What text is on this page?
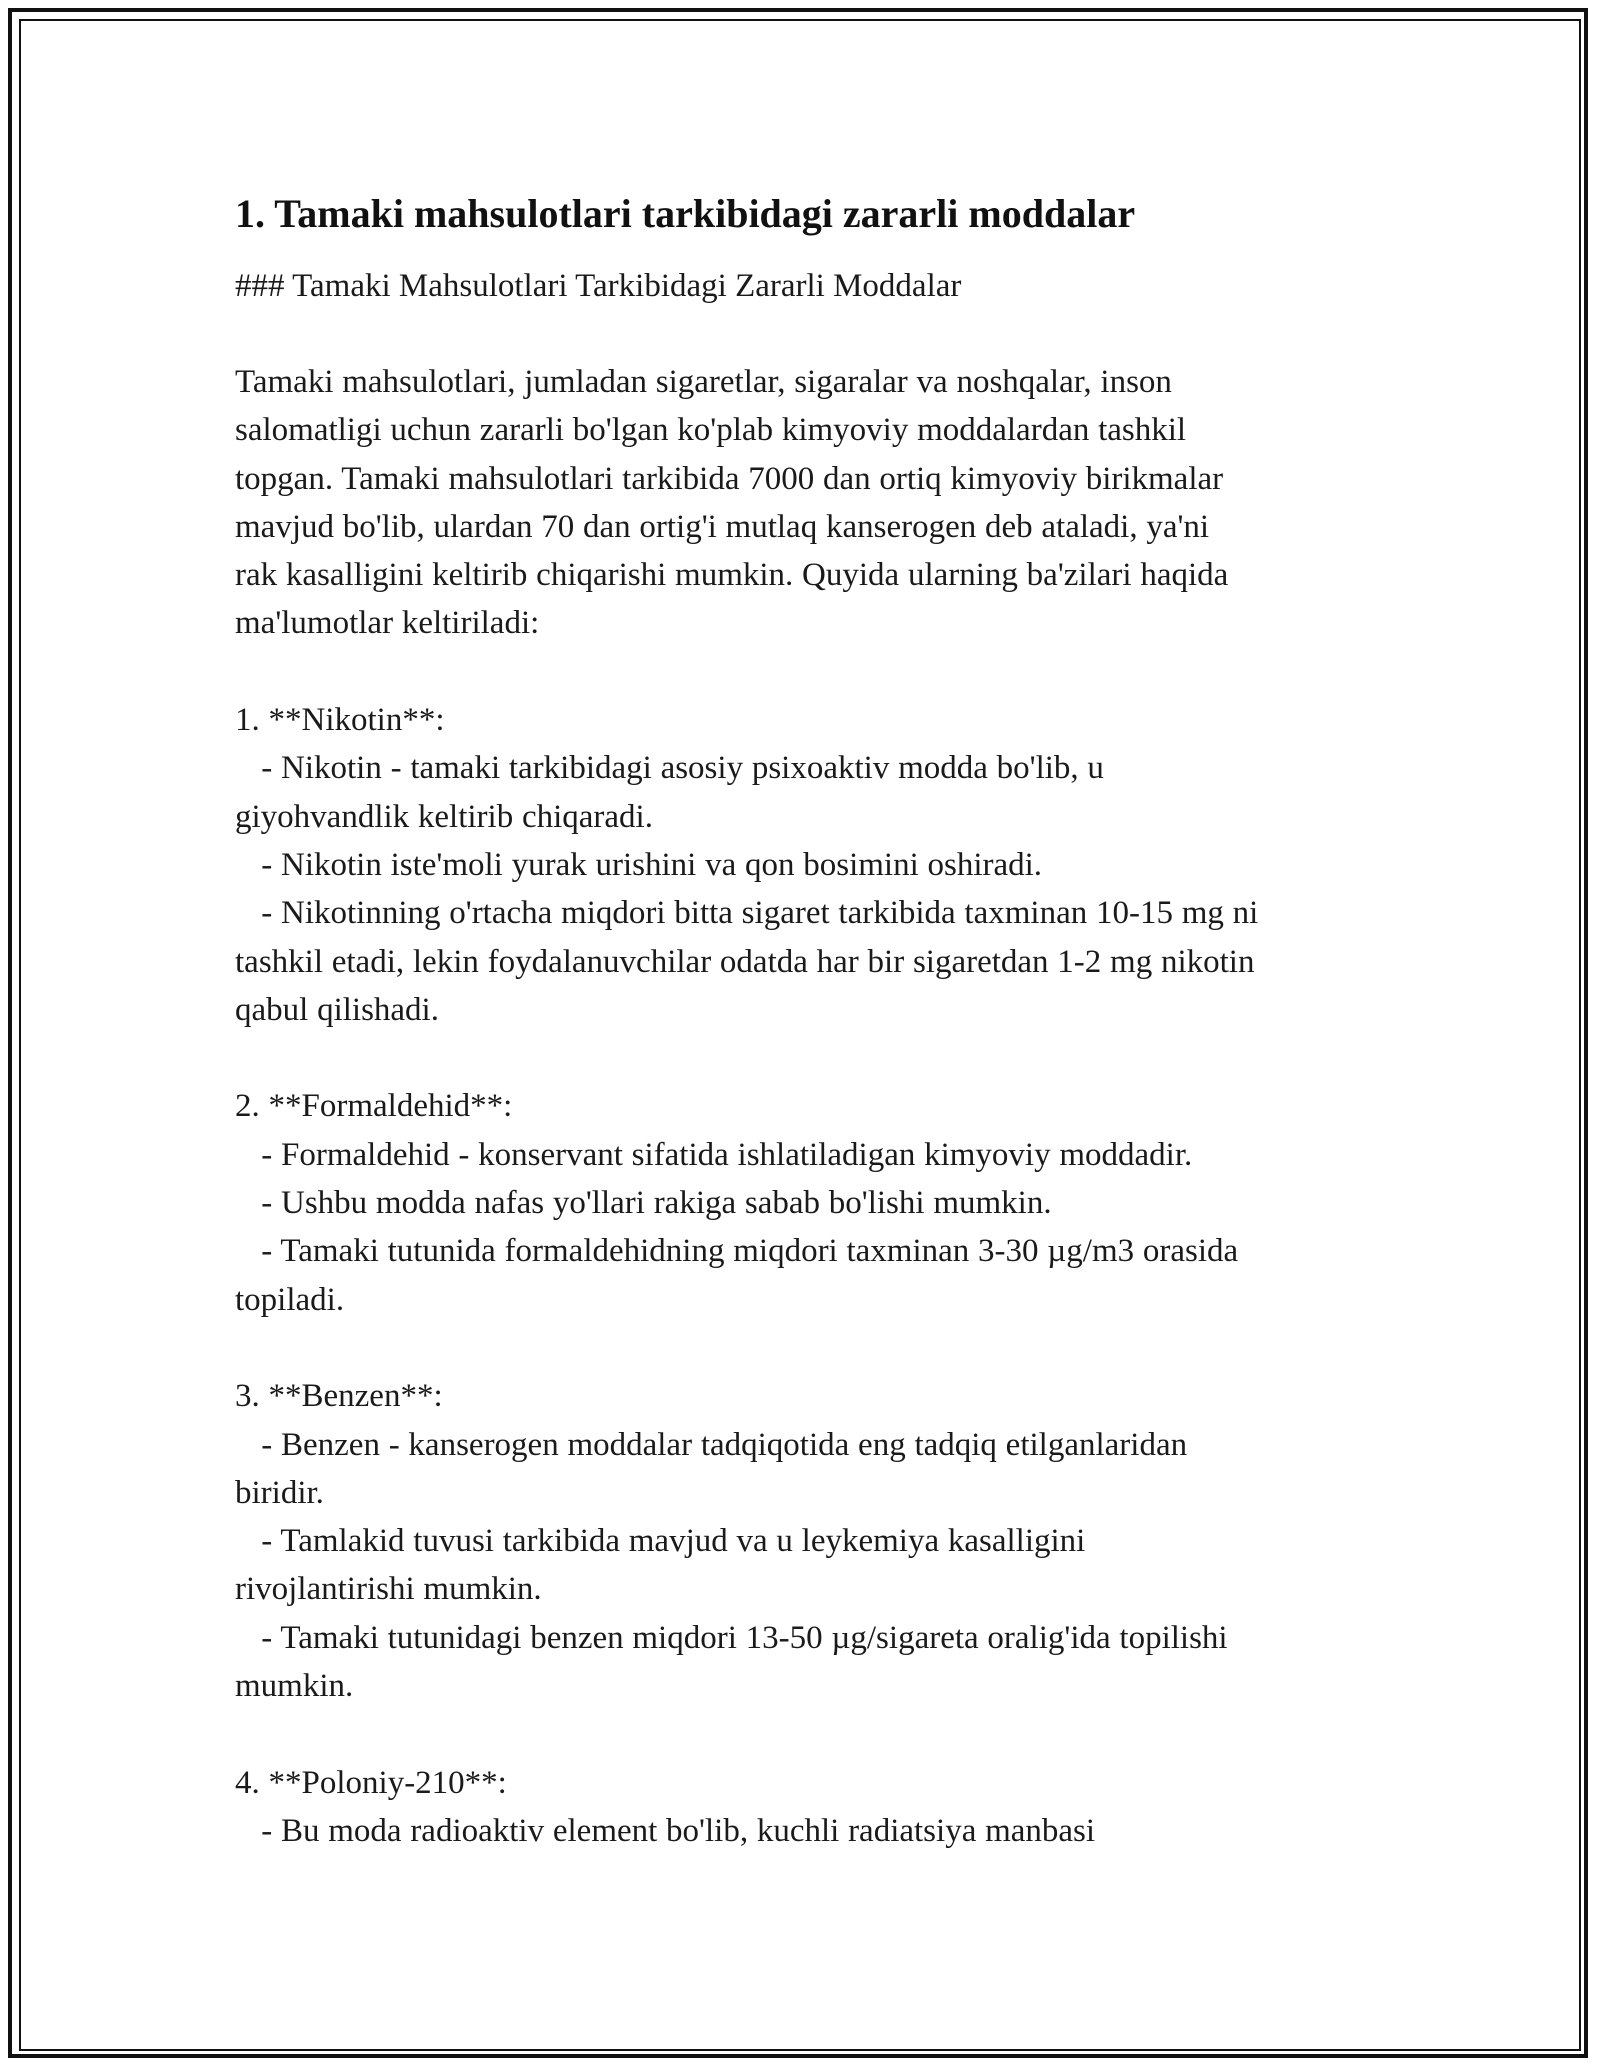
1. Tamaki mahsulotlari tarkibidagi zararli moddalar

### Tamaki Mahsulotlari Tarkibidagi Zararli Moddalar

Tamaki mahsulotlari, jumladan sigaretlar, sigaralar va noshqalar, inson
salomatligi uchun zararli bo'lgan ko'plab kimyoviy moddalardan tashkil
topgan. Tamaki mahsulotlari tarkibida 7000 dan ortiq kimyoviy birikmalar
mavjud bo'lib, ulardan 70 dan ortig'i mutlaq kanserogen deb ataladi, ya'ni
rak kasalligini keltirib chiqarishi mumkin. Quyida ularning ba'zilari haqida
ma'lumotlar keltiriladi:

1. **Nikotin**:
- Nikotin - tamaki tarkibidagi asosiy psixoaktiv modda bo'lib, u
giyohvandlik keltirib chiqaradi.
- Nikotin iste'moli yurak urishini va qon bosimini oshiradi.
- Nikotinning o'rtacha miqdori bitta sigaret tarkibida taxminan 10-15 mg ni
tashkil etadi, lekin foydalanuvchilar odatda har bir sigaretdan 1-2 mg nikotin
qabul qilishadi.

2. **Formaldehid**:
- Formaldehid - konservant sifatida ishlatiladigan kimyoviy moddadir.
- Ushbu modda nafas yo'llari rakiga sabab bo'lishi mumkin.
- Tamaki tutunida formaldehidning miqdori taxminan 3-30 µg/m3 orasida
topiladi.

3. **Benzen**:
- Benzen - kanserogen moddalar tadqiqotida eng tadqiq etilganlaridan
biridir.
- Tamlakid tuvusi tarkibida mavjud va u leykemiya kasalligini
rivojlantirishi mumkin.
- Tamaki tutunidagi benzen miqdori 13-50 µg/sigareta oralig'ida topilishi
mumkin.

4. **Poloniy-210**:
- Bu moda radioaktiv element bo'lib, kuchli radiatsiya manbasi
